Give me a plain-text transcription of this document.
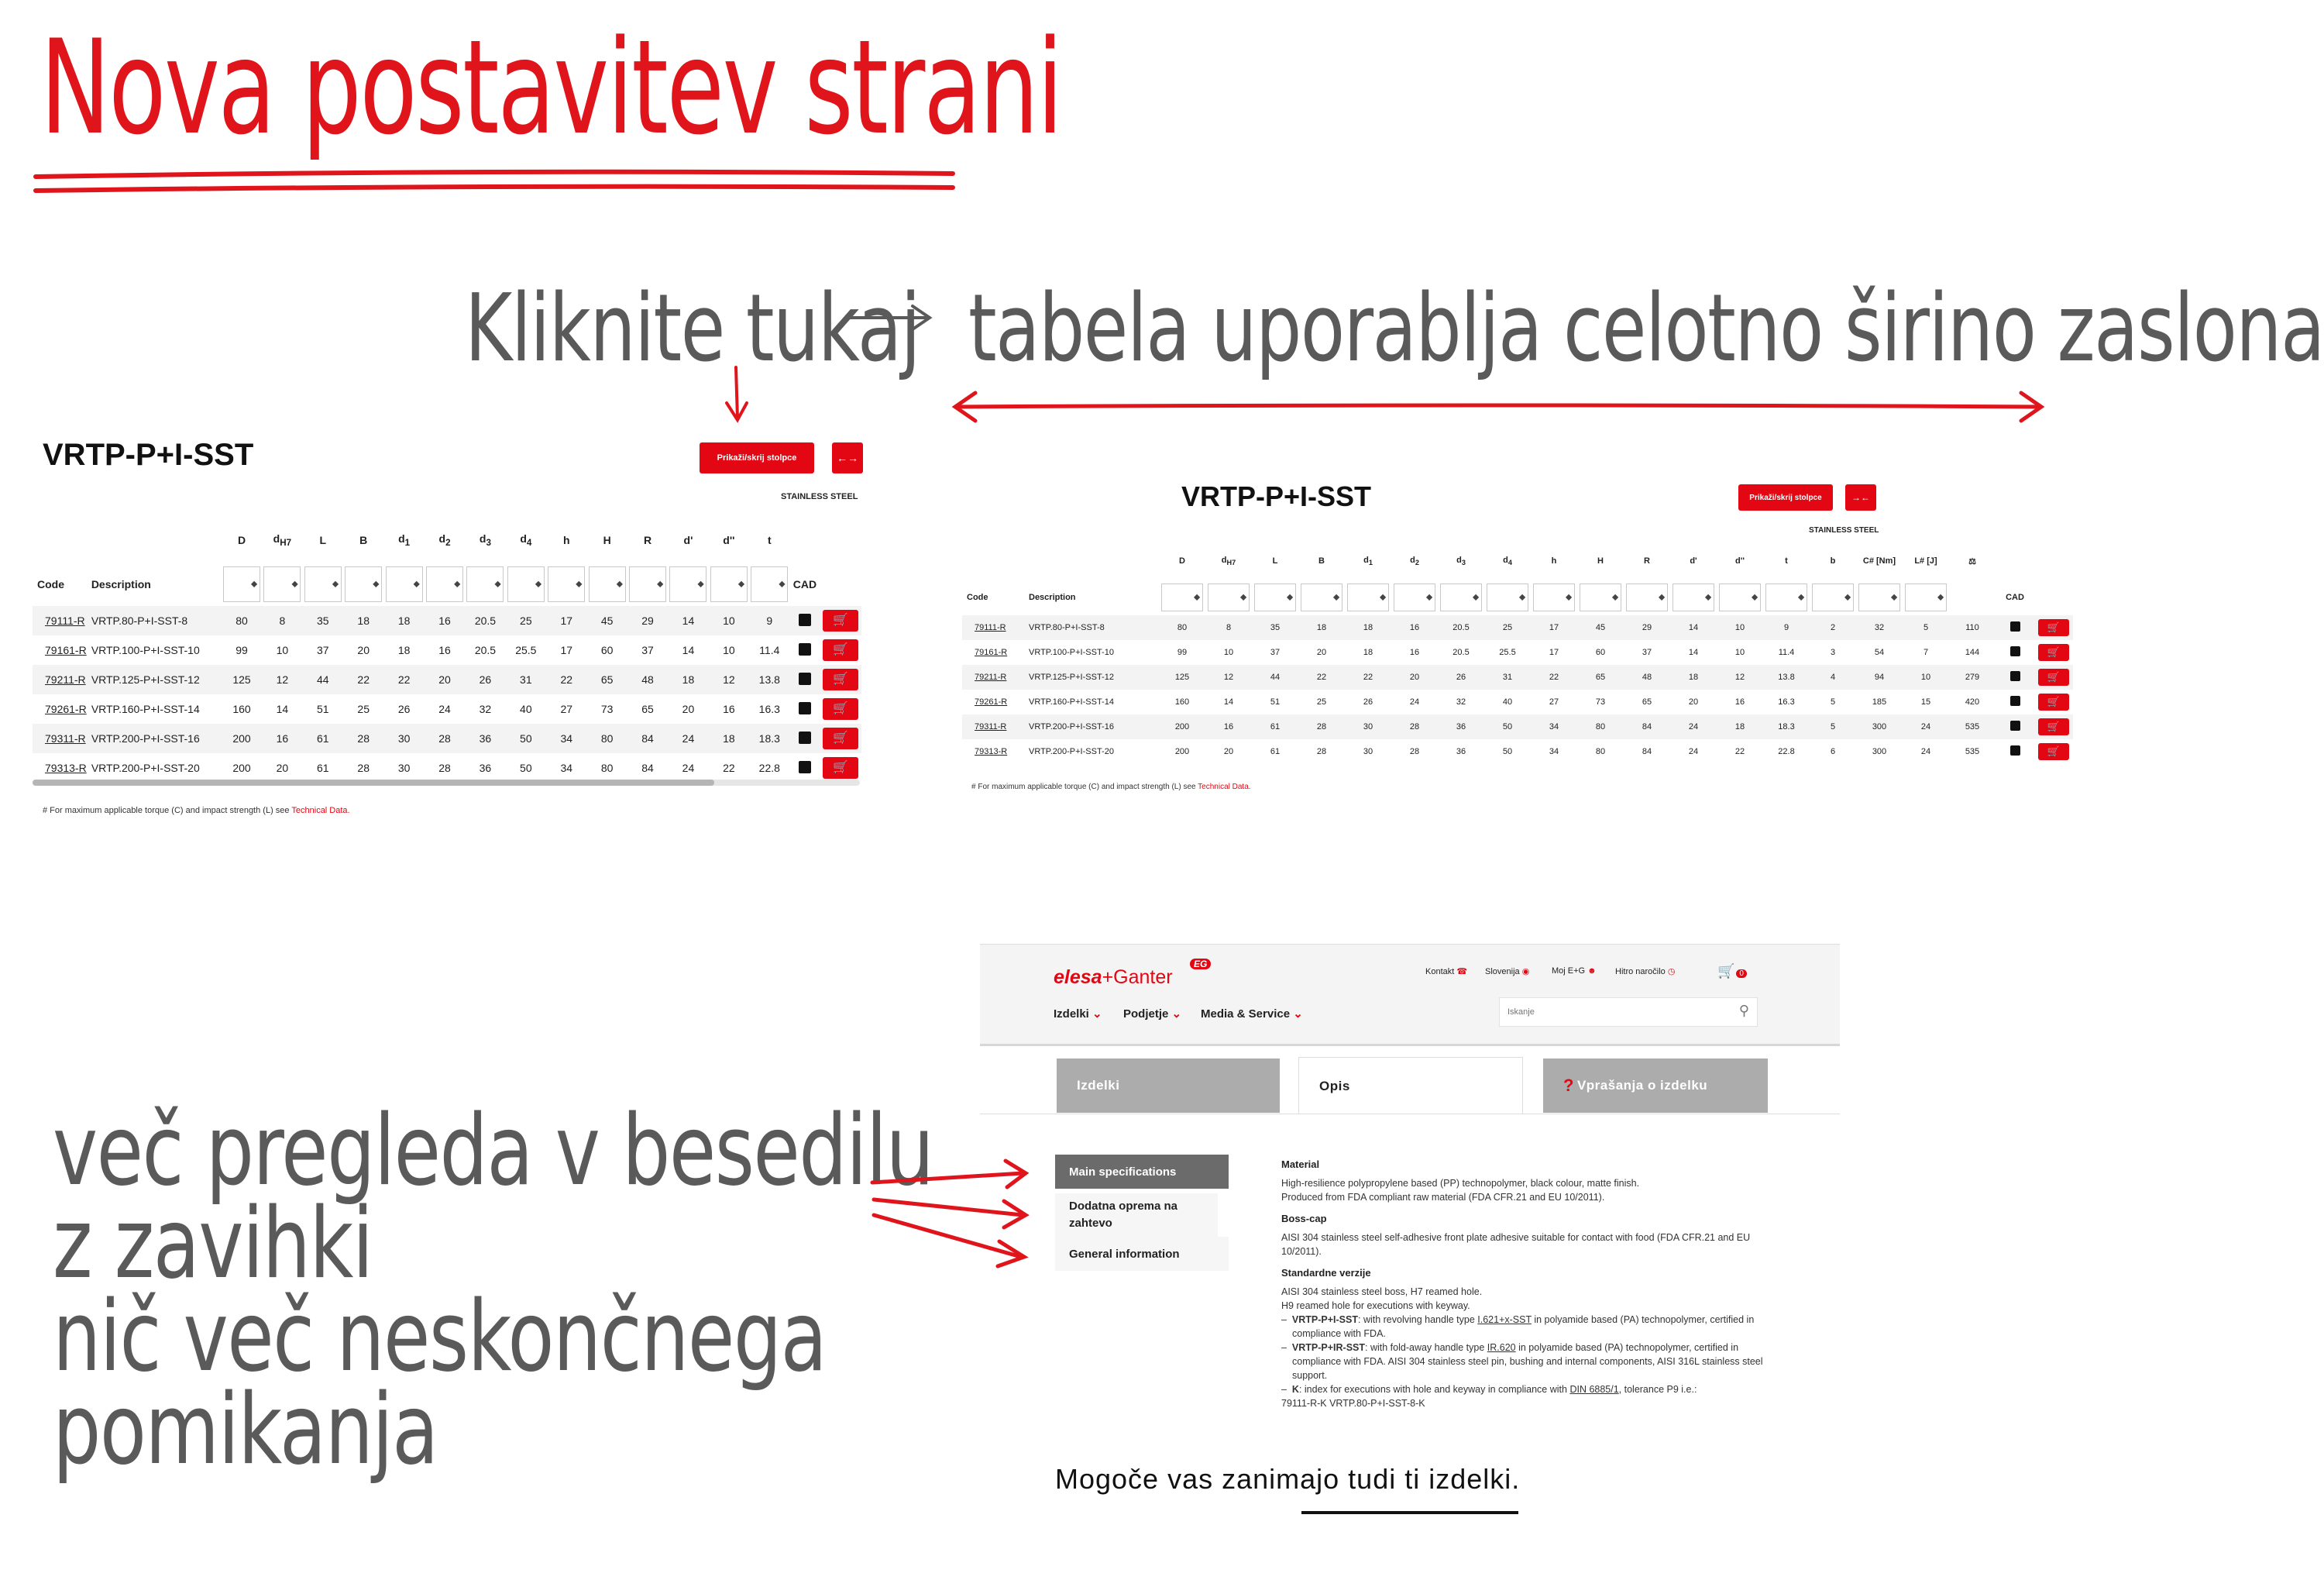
Nova postavitev strani
Kliknite tukaj tabela uporablja celotno širino zaslona
več pregleda v besedilu
z zavihki
nič več neskončnega
pomikanja
VRTP-P+I-SST	Prikaži/skrij stolpce	←→
STAINLESS STEEL
		D	$d_{H7}$	L	B	$d_1$	$d_2$	$d_3$	$d_4$	h	H	R	d'	d''	t		
Code	Description	
◆

◆

◆

◆

◆

◆

◆

◆

◆

◆

◆

◆

◆

◆	CAD	
79111-R	VRTP.80-P+I-SST-8	80	8	35	18	18	16	20.5	25	17	45	29	14	10	9		🛒
79161-R	VRTP.100-P+I-SST-10	99	10	37	20	18	16	20.5	25.5	17	60	37	14	10	11.4		🛒
79211-R	VRTP.125-P+I-SST-12	125	12	44	22	22	20	26	31	22	65	48	18	12	13.8		🛒
79261-R	VRTP.160-P+I-SST-14	160	14	51	25	26	24	32	40	27	73	65	20	16	16.3		🛒
79311-R	VRTP.200-P+I-SST-16	200	16	61	28	30	28	36	50	34	80	84	24	18	18.3		🛒
79313-R	VRTP.200-P+I-SST-20	200	20	61	28	30	28	36	50	34	80	84	24	22	22.8		🛒
# For maximum applicable torque (C) and impact strength (L) see Technical Data.
VRTP-P+I-SST	Prikaži/skrij stolpce	→←
STAINLESS STEEL
		D	$d_{H7}$	L	B	$d_1$	$d_2$	$d_3$	$d_4$	h	H	R	d'	d''	t	b	C# [Nm]	L# [J]	⚖		
Code	Description	
◆

◆

◆

◆

◆

◆

◆

◆

◆

◆

◆

◆

◆

◆

◆

◆

◆		CAD	
79111-R	VRTP.80-P+I-SST-8	80	8	35	18	18	16	20.5	25	17	45	29	14	10	9	2	32	5	110		🛒
79161-R	VRTP.100-P+I-SST-10	99	10	37	20	18	16	20.5	25.5	17	60	37	14	10	11.4	3	54	7	144		🛒
79211-R	VRTP.125-P+I-SST-12	125	12	44	22	22	20	26	31	22	65	48	18	12	13.8	4	94	10	279		🛒
79261-R	VRTP.160-P+I-SST-14	160	14	51	25	26	24	32	40	27	73	65	20	16	16.3	5	185	15	420		🛒
79311-R	VRTP.200-P+I-SST-16	200	16	61	28	30	28	36	50	34	80	84	24	18	18.3	5	300	24	535		🛒
79313-R	VRTP.200-P+I-SST-20	200	20	61	28	30	28	36	50	34	80	84	24	22	22.8	6	300	24	535		🛒
# For maximum applicable torque (C) and impact strength (L) see Technical Data.
elesa+Ganter
EG
Kontakt ☎ Slovenija ◉	Moj E+G ☻ Hitro naročilo ◷	🛒 0
Izdelki ⌄ Podjetje ⌄ Media & Service ⌄
Iskanje	⚲
Izdelki	Opis	? Vprašanja o izdelku
Main specifications
Dodatna oprema na zahtevo
General information
Material

High-resilience polypropylene based (PP) technopolymer, black colour, matte finish.

Produced from FDA compliant raw material (FDA CFR.21 and EU 10/2011).

Boss-cap

AISI 304 stainless steel self-adhesive front plate adhesive suitable for contact with food (FDA CFR.21 and EU 10/2011).

Standardne verzije

AISI 304 stainless steel boss, H7 reamed hole.

H9 reamed hole for executions with keyway.

–  VRTP-P+I-SST: with revolving handle type I.621+x-SST in polyamide based (PA) technopolymer, certified in compliance with FDA.

–  VRTP-P+IR-SST: with fold-away handle type IR.620 in polyamide based (PA) technopolymer, certified in compliance with FDA. AISI 304 stainless steel pin, bushing and internal components, AISI 316L stainless steel support.

–  K: index for executions with hole and keyway in compliance with DIN 6885/1, tolerance P9 i.e.:

79111-R-K VRTP.80-P+I-SST-8-K

Mogoče vas zanimajo tudi ti izdelki.
